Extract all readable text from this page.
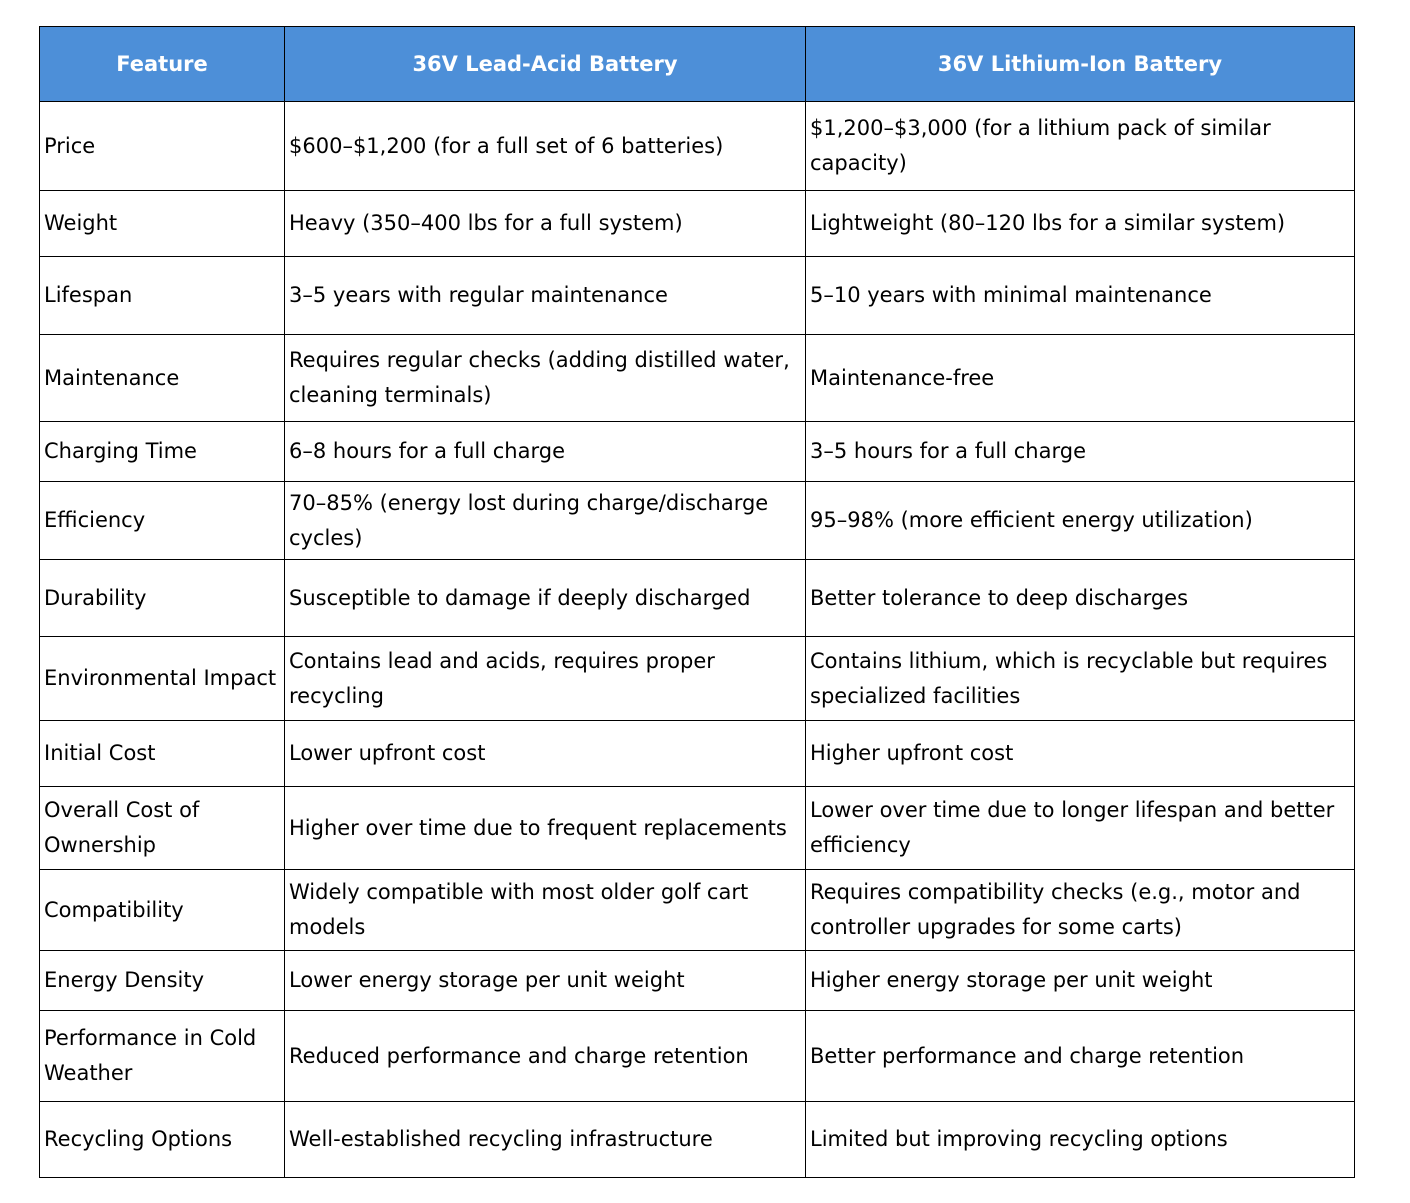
Feature	36V Lead-Acid Battery	36V Lithium-Ion Battery
Price	$600–$1,200 (for a full set of 6 batteries)	$1,200–$3,000 (for a lithium pack of similar capacity)
Weight	Heavy (350–400 lbs for a full system)	Lightweight (80–120 lbs for a similar system)
Lifespan	3–5 years with regular maintenance	5–10 years with minimal maintenance
Maintenance	Requires regular checks (adding distilled water, cleaning terminals)	Maintenance-free
Charging Time	6–8 hours for a full charge	3–5 hours for a full charge
Efficiency	70–85% (energy lost during charge/discharge cycles)	95–98% (more efficient energy utilization)
Durability	Susceptible to damage if deeply discharged	Better tolerance to deep discharges
Environmental Impact	Contains lead and acids, requires proper recycling	Contains lithium, which is recyclable but requires specialized facilities
Initial Cost	Lower upfront cost	Higher upfront cost
Overall Cost of Ownership	Higher over time due to frequent replacements	Lower over time due to longer lifespan and better efficiency
Compatibility	Widely compatible with most older golf cart models	Requires compatibility checks (e.g., motor and controller upgrades for some carts)
Energy Density	Lower energy storage per unit weight	Higher energy storage per unit weight
Performance in Cold Weather	Reduced performance and charge retention	Better performance and charge retention
Recycling Options	Well-established recycling infrastructure	Limited but improving recycling options
